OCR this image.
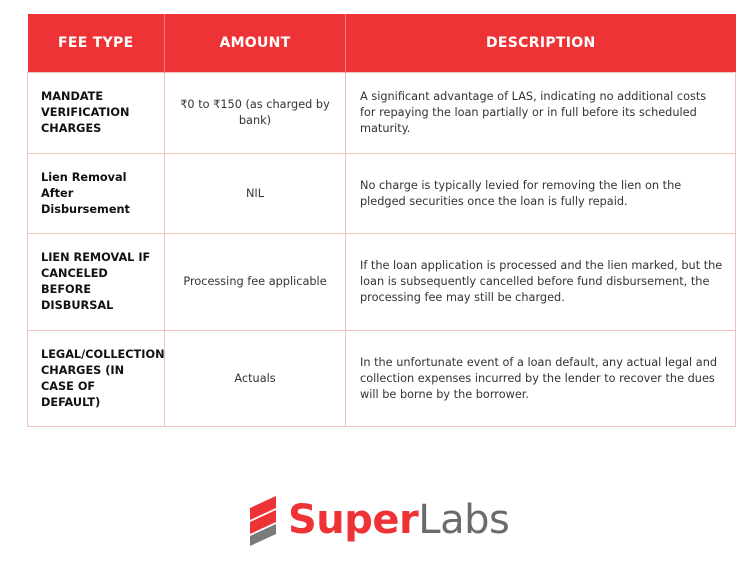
FEE TYPE	AMOUNT	DESCRIPTION
MANDATE VERIFICATION CHARGES	₹0 to ₹150 (as charged by bank)	A significant advantage of LAS, indicating no additional costs for repaying the loan partially or in full before its scheduled maturity.
Lien Removal After Disbursement	NIL	No charge is typically levied for removing the lien on the pledged securities once the loan is fully repaid.
LIEN REMOVAL IF CANCELED BEFORE DISBURSAL	Processing fee applicable	If the loan application is processed and the lien marked, but the loan is subsequently cancelled before fund disbursement, the processing fee may still be charged.
LEGAL/COLLECTION CHARGES (IN CASE OF DEFAULT)	Actuals	In the unfortunate event of a loan default, any actual legal and collection expenses incurred by the lender to recover the dues will be borne by the borrower.
SuperLabs
